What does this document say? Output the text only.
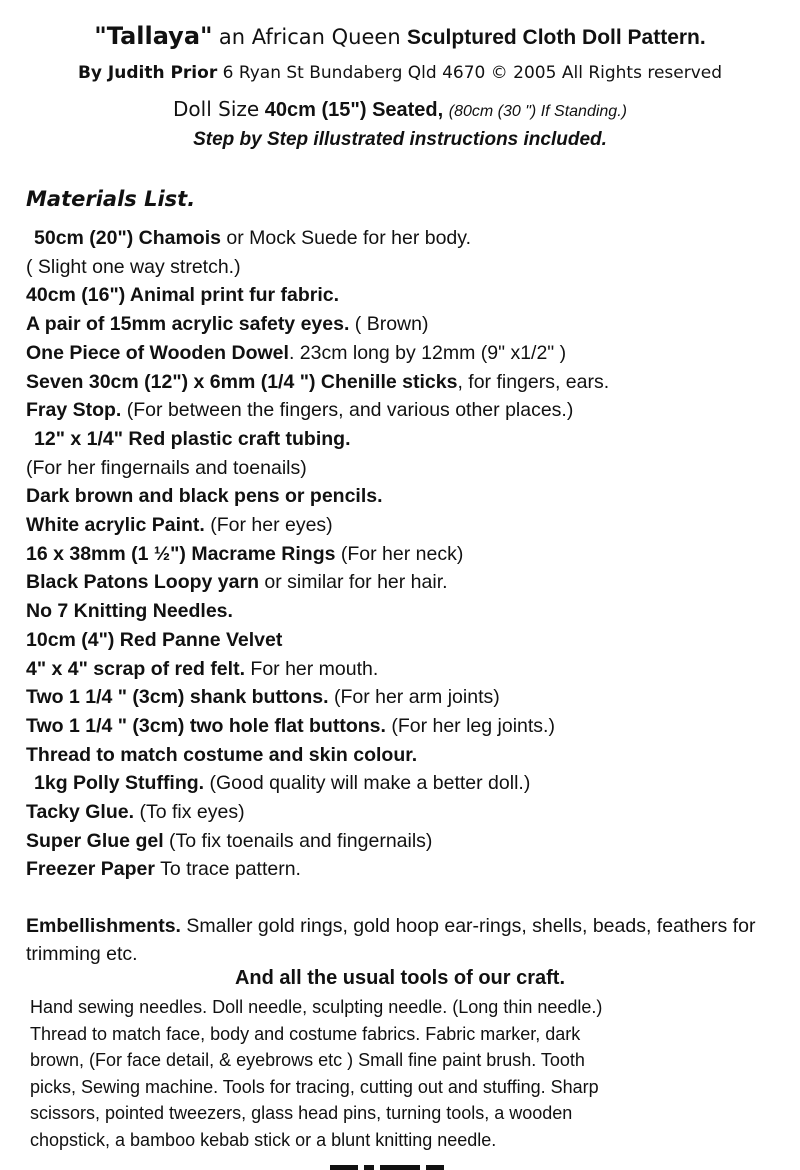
"Tallaya" an African Queen Sculptured Cloth Doll Pattern.
By Judith Prior 6 Ryan St Bundaberg Qld 4670 © 2005 All Rights reserved
Doll Size 40cm (15") Seated, (80cm (30 ") If Standing.)
Step by Step illustrated instructions included.
Materials List.
50cm (20") Chamois or Mock Suede for her body.
( Slight one way stretch.)
40cm (16") Animal print fur fabric.
A pair of 15mm acrylic safety eyes. ( Brown)
One Piece of Wooden Dowel. 23cm long by 12mm (9" x1/2" )
Seven 30cm (12") x 6mm (1/4 ") Chenille sticks, for fingers, ears.
Fray Stop. (For between the fingers, and various other places.)
12" x 1/4" Red plastic craft tubing.
(For her fingernails and toenails)
Dark brown and black pens or pencils.
White acrylic Paint. (For her eyes)
16 x 38mm (1 ½") Macrame Rings (For her neck)
Black Patons Loopy yarn or similar for her hair.
No 7 Knitting Needles.
10cm (4") Red Panne Velvet
4" x 4" scrap of red felt. For her mouth.
Two 1 1/4 " (3cm) shank buttons. (For her arm joints)
Two 1 1/4 " (3cm) two hole flat buttons. (For her leg joints.)
Thread to match costume and skin colour.
1kg Polly Stuffing. (Good quality will make a better doll.)
Tacky Glue. (To fix eyes)
Super Glue gel (To fix toenails and fingernails)
Freezer Paper To trace pattern.
Embellishments. Smaller gold rings, gold hoop ear-rings, shells, beads, feathers for trimming etc.
And all the usual tools of our craft.
Hand sewing needles. Doll needle, sculpting needle. (Long thin needle.)
Thread to match face, body and costume fabrics. Fabric marker, dark
brown, (For face detail, & eyebrows etc ) Small fine paint brush. Tooth
picks, Sewing machine. Tools for tracing, cutting out and stuffing. Sharp
scissors, pointed tweezers, glass head pins, turning tools, a wooden
chopstick, a bamboo kebab stick or a blunt knitting needle.
